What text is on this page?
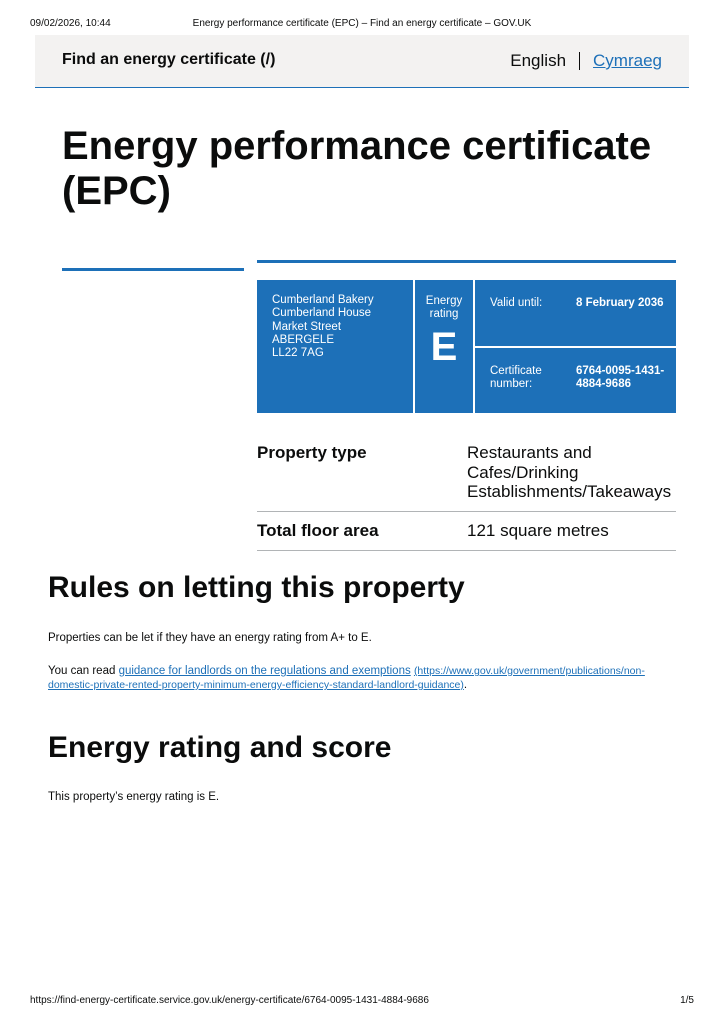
09/02/2026, 10:44	Energy performance certificate (EPC) – Find an energy certificate – GOV.UK
Find an energy certificate (/)	English Cymraeg
Energy performance certificate
(EPC)
Cumberland Bakery
Cumberland House
Market Street
ABERGELE
LL22 7AG
Energy
rating
E
Valid until:	8 February 2036
Certificate number:
6764-0095-1431-4884-9686
Property type	Restaurants and
Cafes/Drinking
Establishments/Takeaways
Total floor area	121 square metres
Rules on letting this property

Properties can be let if they have an energy rating from A+ to E.

You can read guidance for landlords on the regulations and exemptions (https://www.gov.uk/government/publications/non-
domestic-private-rented-property-minimum-energy-efficiency-standard-landlord-guidance).

Energy rating and score

This property’s energy rating is E.

https://find-energy-certificate.service.gov.uk/energy-certificate/6764-0095-1431-4884-9686	1/5
